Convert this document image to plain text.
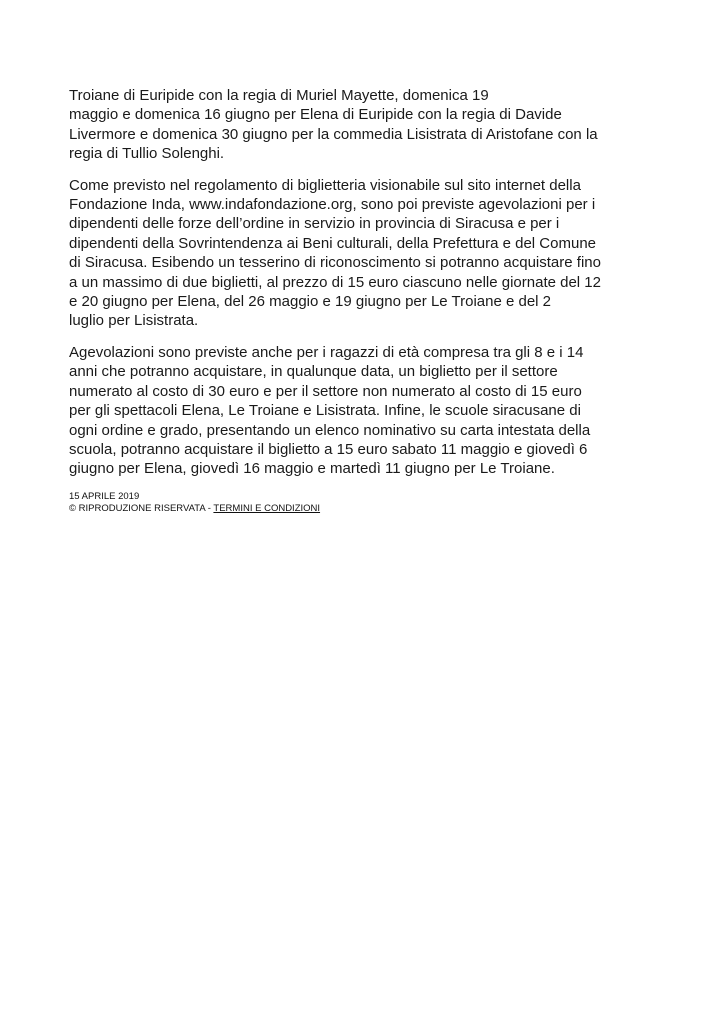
Troiane di Euripide con la regia di Muriel Mayette, domenica 19
maggio e domenica 16 giugno per Elena di Euripide con la regia di Davide
Livermore e domenica 30 giugno per la commedia Lisistrata di Aristofane con la
regia di Tullio Solenghi.

Come previsto nel regolamento di biglietteria visionabile sul sito internet della
Fondazione Inda, www.indafondazione.org, sono poi previste agevolazioni per i
dipendenti delle forze dell’ordine in servizio in provincia di Siracusa e per i
dipendenti della Sovrintendenza ai Beni culturali, della Prefettura e del Comune
di Siracusa. Esibendo un tesserino di riconoscimento si potranno acquistare fino
a un massimo di due biglietti, al prezzo di 15 euro ciascuno nelle giornate del 12
e 20 giugno per Elena, del 26 maggio e 19 giugno per Le Troiane e del 2
luglio per Lisistrata.

Agevolazioni sono previste anche per i ragazzi di età compresa tra gli 8 e i 14
anni che potranno acquistare, in qualunque data, un biglietto per il settore
numerato al costo di 30 euro e per il settore non numerato al costo di 15 euro
per gli spettacoli Elena, Le Troiane e Lisistrata. Infine, le scuole siracusane di
ogni ordine e grado, presentando un elenco nominativo su carta intestata della
scuola, potranno acquistare il biglietto a 15 euro sabato 11 maggio e giovedì 6
giugno per Elena, giovedì 16 maggio e martedì 11 giugno per Le Troiane.

15 APRILE 2019
© RIPRODUZIONE RISERVATA - TERMINI E CONDIZIONI
